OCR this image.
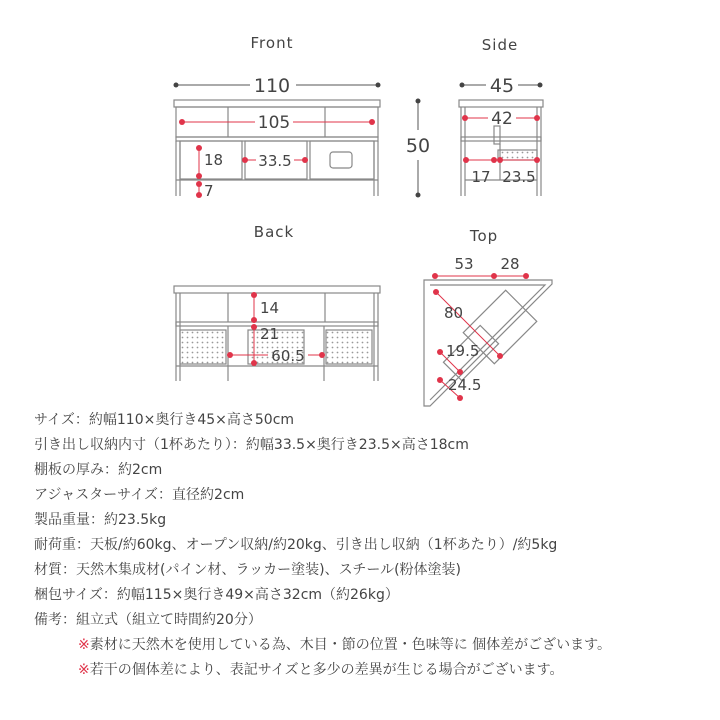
Front
110
105
18
7
33.5
50
Side
45
42
17 23.5
Back
14
21
60.5
Top
53 28
80
19.5
24.5
サイズ：約幅110×奥行き45×高さ50cm
引き出し収納内寸（1杯あたり）：約幅33.5×奥行き23.5×高さ18cm
棚板の厚み：約2cm
アジャスターサイズ：直径約2cm
製品重量：約23.5kg
耐荷重：天板/約60kg、オープン収納/約20kg、引き出し収納（1杯あたり）/約5kg
材質：天然木集成材(パイン材、ラッカー塗装)、スチール(粉体塗装)
梱包サイズ：約幅115×奥行き49×高さ32cm（約26kg）
備考：組立式（組立て時間約20分）
※素材に天然木を使用している為、木目・節の位置・色味等に 個体差がございます。
※若干の個体差により、表記サイズと多少の差異が生じる場合がございます。
